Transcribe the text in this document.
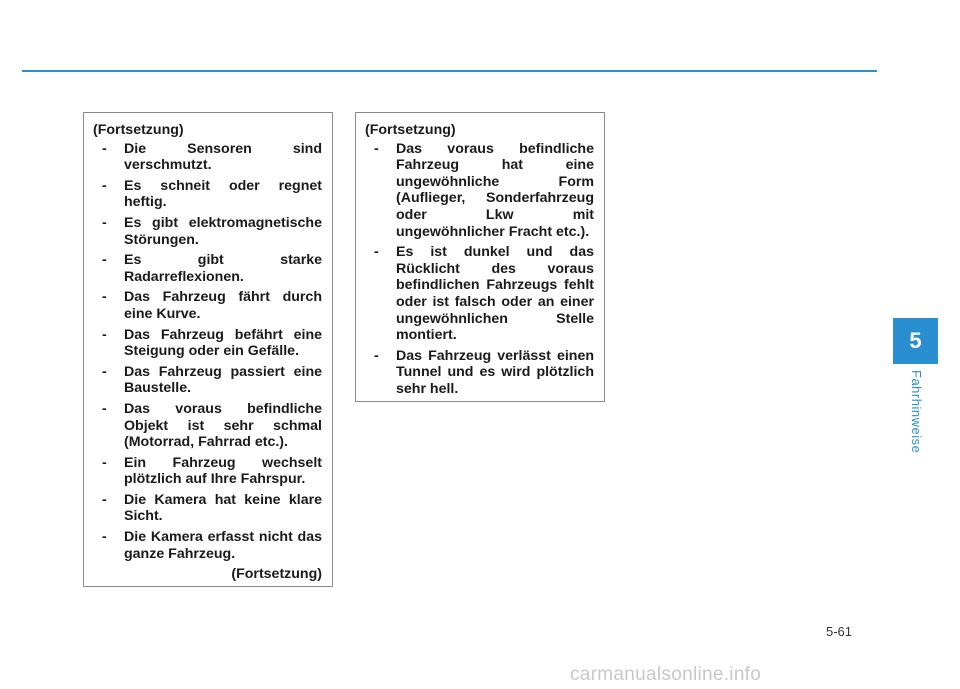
(Fortsetzung)
- Die Sensoren sind verschmutzt.
- Es schneit oder regnet heftig.
- Es gibt elektromagnetische Störungen.
- Es gibt starke Radarreflexionen.
- Das Fahrzeug fährt durch eine Kurve.
- Das Fahrzeug befährt eine Steigung oder ein Gefälle.
- Das Fahrzeug passiert eine Baustelle.
- Das voraus befindliche Objekt ist sehr schmal (Motorrad, Fahrrad etc.).
- Ein Fahrzeug wechselt plötzlich auf Ihre Fahrspur.
- Die Kamera hat keine klare Sicht.
- Die Kamera erfasst nicht das ganze Fahrzeug.
(Fortsetzung)
(Fortsetzung)
- Das voraus befindliche Fahrzeug hat eine ungewöhnliche Form (Auflieger, Sonderfahrzeug oder Lkw mit ungewöhnlicher Fracht etc.).
- Es ist dunkel und das Rücklicht des voraus befindlichen Fahrzeugs fehlt oder ist falsch oder an einer ungewöhnlichen Stelle montiert.
- Das Fahrzeug verlässt einen Tunnel und es wird plötzlich sehr hell.
5
Fahrhinweise
5-61
carmanualsonline.info
